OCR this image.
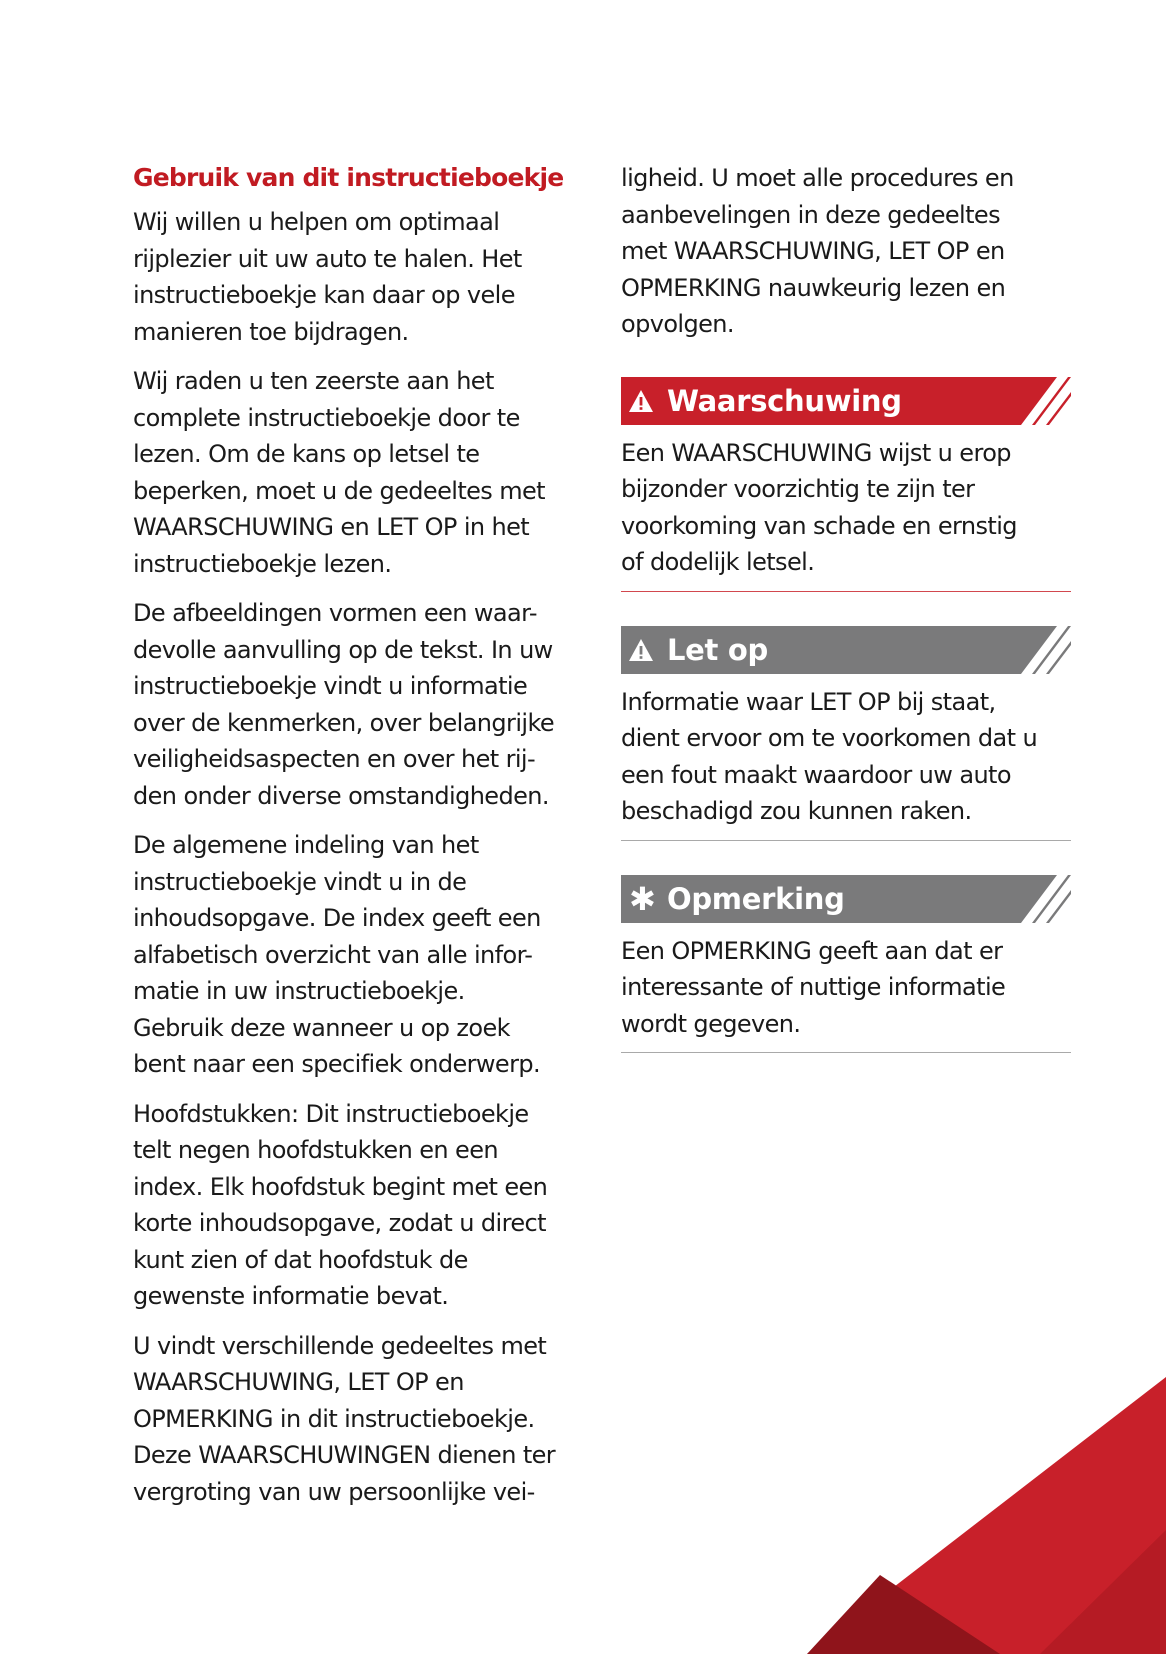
Gebruik van dit instructieboekje

Wij willen u helpen om optimaal
rijplezier uit uw auto te halen. Het
instructieboekje kan daar op vele
manieren toe bijdragen.

Wij raden u ten zeerste aan het
complete instructieboekje door te
lezen. Om de kans op letsel te
beperken, moet u de gedeeltes met
WAARSCHUWING en LET OP in het
instructieboekje lezen.

De afbeeldingen vormen een waar-
devolle aanvulling op de tekst. In uw
instructieboekje vindt u informatie
over de kenmerken, over belangrijke
veiligheidsaspecten en over het rij-
den onder diverse omstandigheden.

De algemene indeling van het
instructieboekje vindt u in de
inhoudsopgave. De index geeft een
alfabetisch overzicht van alle infor-
matie in uw instructieboekje.
Gebruik deze wanneer u op zoek
bent naar een specifiek onderwerp.

Hoofdstukken: Dit instructieboekje
telt negen hoofdstukken en een
index. Elk hoofdstuk begint met een
korte inhoudsopgave, zodat u direct
kunt zien of dat hoofdstuk de
gewenste informatie bevat.

U vindt verschillende gedeeltes met
WAARSCHUWING, LET OP en
OPMERKING in dit instructieboekje.
Deze WAARSCHUWINGEN dienen ter
vergroting van uw persoonlijke vei-

ligheid. U moet alle procedures en
aanbevelingen in deze gedeeltes
met WAARSCHUWING, LET OP en
OPMERKING nauwkeurig lezen en
opvolgen.

Waarschuwing

Een WAARSCHUWING wijst u erop
bijzonder voorzichtig te zijn ter
voorkoming van schade en ernstig
of dodelijk letsel.

Let op

Informatie waar LET OP bij staat,
dient ervoor om te voorkomen dat u
een fout maakt waardoor uw auto
beschadigd zou kunnen raken.

✱ Opmerking

Een OPMERKING geeft aan dat er
interessante of nuttige informatie
wordt gegeven.
